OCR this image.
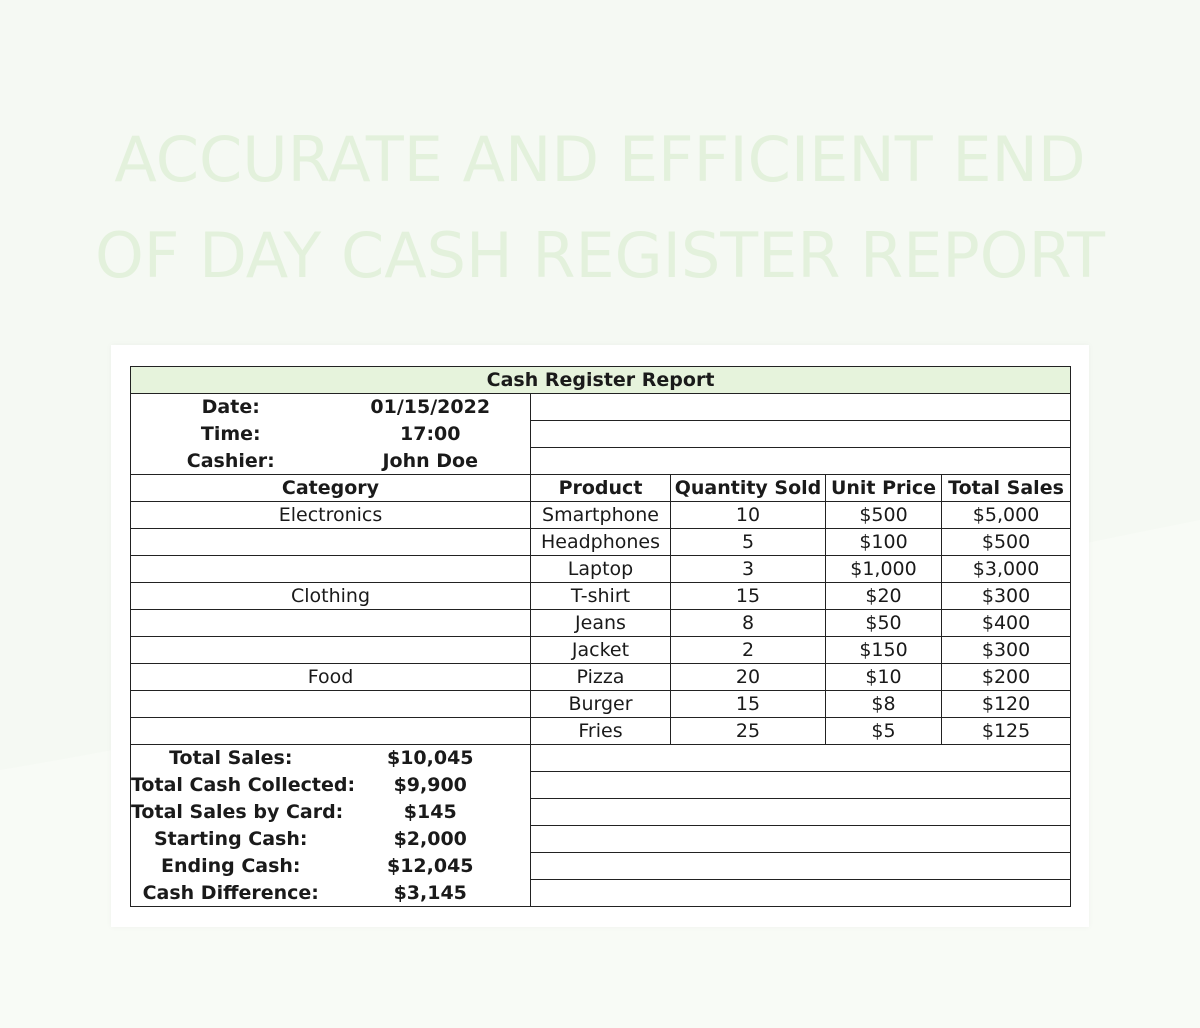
ACCURATE AND EFFICIENT END
OF DAY CASH REGISTER REPORT
Cash Register Report					
Date:	01/15/2022				
Time:	17:00				
Cashier:	John Doe				
Category		Product	Quantity Sold	Unit Price	Total Sales
Electronics		Smartphone	10	$500	$5,000
		Headphones	5	$100	$500
		Laptop	3	$1,000	$3,000
Clothing		T-shirt	15	$20	$300
		Jeans	8	$50	$400
		Jacket	2	$150	$300
Food		Pizza	20	$10	$200
		Burger	15	$8	$120
		Fries	25	$5	$125
Total Sales:	$10,045				
Total Cash Collected:	$9,900				
Total Sales by Card:	$145				
Starting Cash:	$2,000				
Ending Cash:	$12,045				
Cash Difference:	$3,145				
